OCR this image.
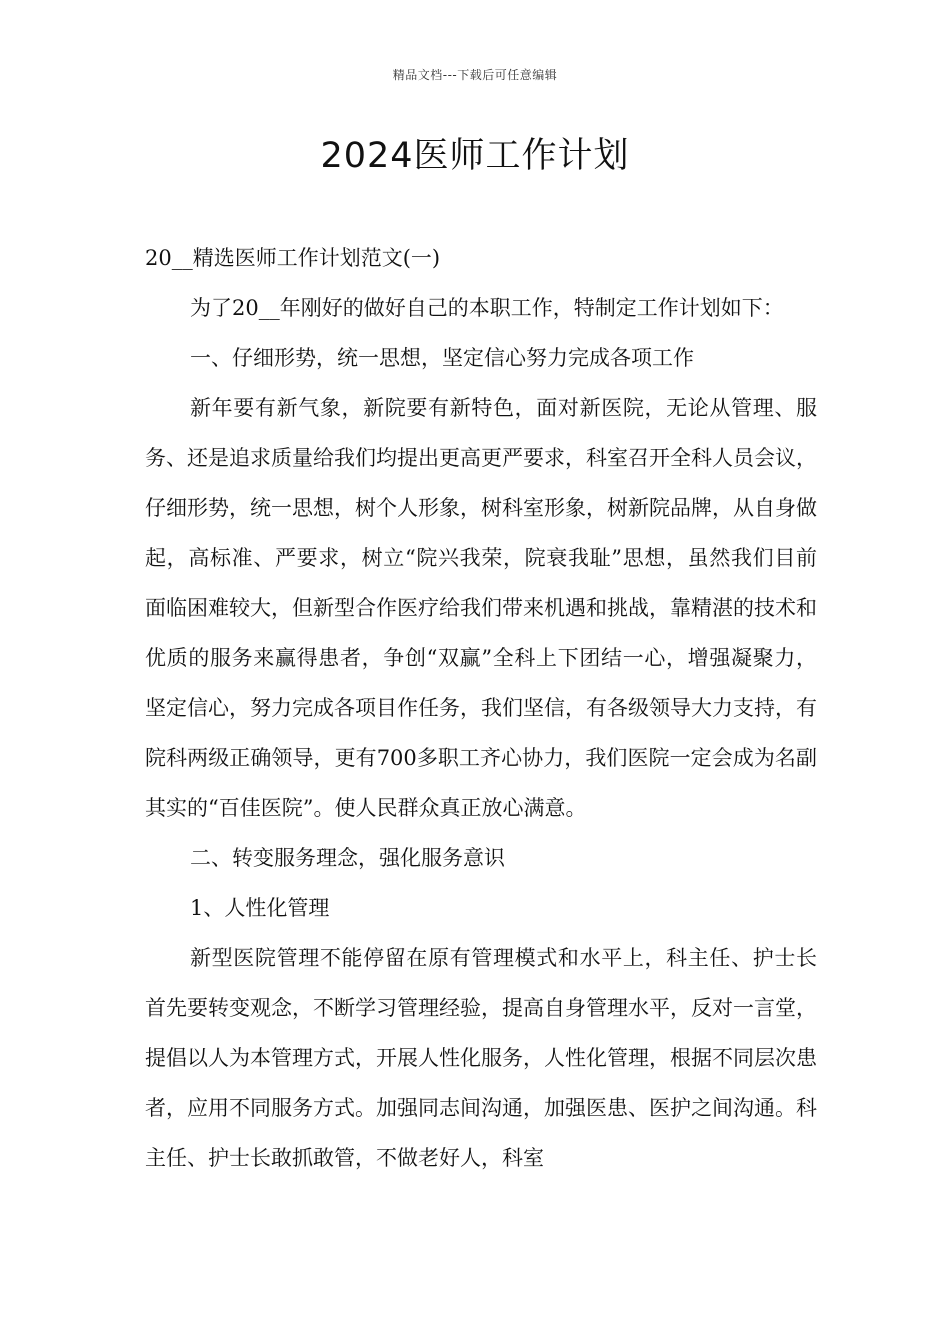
精品文档---下载后可任意编辑
2024医师工作计划

20__精选医师工作计划范文(一)

为了20__年刚好的做好自己的本职工作，特制定工作计划如下：

一、仔细形势，统一思想，坚定信心努力完成各项工作

新年要有新气象，新院要有新特色，面对新医院，无论从管理、服务、还是追求质量给我们均提出更高更严要求，科室召开全科人员会议，仔细形势，统一思想，树个人形象，树科室形象，树新院品牌，从自身做起，高标准、严要求，树立“院兴我荣，院衰我耻”思想，虽然我们目前面临困难较大，但新型合作医疗给我们带来机遇和挑战，靠精湛的技术和优质的服务来赢得患者，争创“双赢”全科上下团结一心，增强凝聚力，坚定信心，努力完成各项目作任务，我们坚信，有各级领导大力支持，有院科两级正确领导，更有700多职工齐心协力，我们医院一定会成为名副其实的“百佳医院”。使人民群众真正放心满意。

二、转变服务理念，强化服务意识

1、人性化管理

新型医院管理不能停留在原有管理模式和水平上，科主任、护士长首先要转变观念，不断学习管理经验，提高自身管理水平，反对一言堂，提倡以人为本管理方式，开展人性化服务，人性化管理，根据不同层次患者，应用不同服务方式。加强同志间沟通，加强医患、医护之间沟通。科主任、护士长敢抓敢管，不做老好人，科室
